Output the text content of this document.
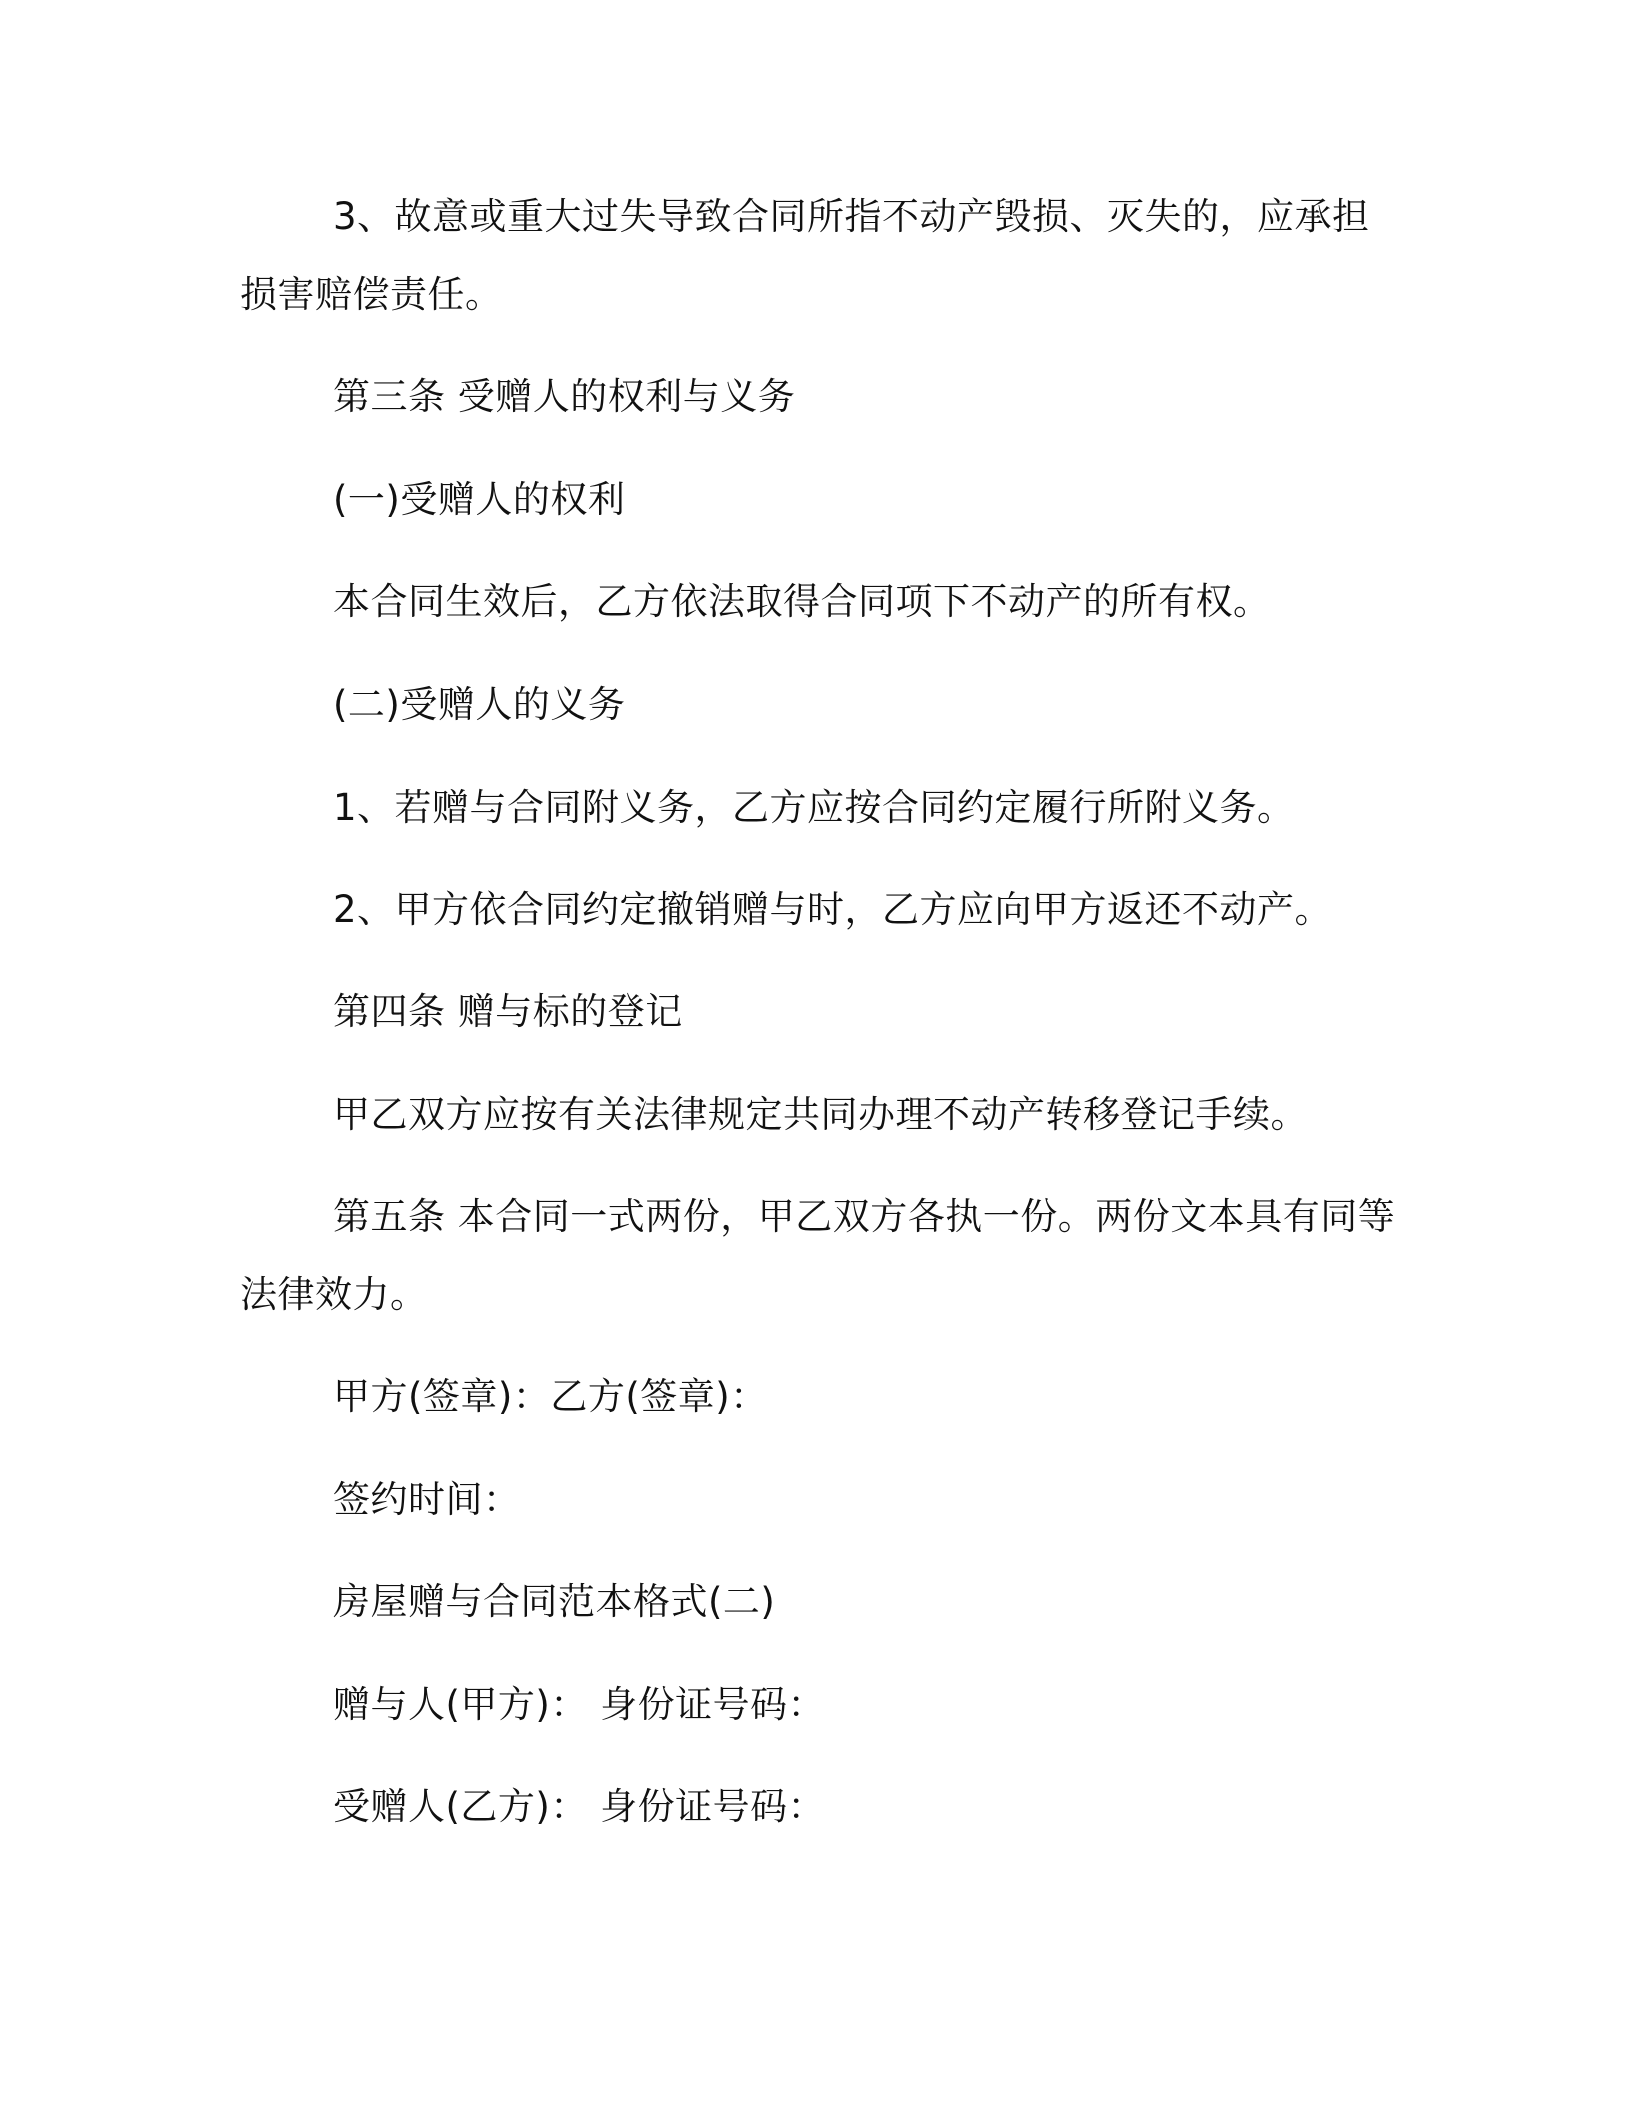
3、故意或重大过失导致合同所指不动产毁损、灭失的，应承担
损害赔偿责任。
第三条 受赠人的权利与义务
(一)受赠人的权利
本合同生效后，乙方依法取得合同项下不动产的所有权。
(二)受赠人的义务
1、若赠与合同附义务，乙方应按合同约定履行所附义务。
2、甲方依合同约定撤销赠与时，乙方应向甲方返还不动产。
第四条 赠与标的登记
甲乙双方应按有关法律规定共同办理不动产转移登记手续。
第五条 本合同一式两份，甲乙双方各执一份。两份文本具有同等
法律效力。
甲方(签章)：乙方(签章)：
签约时间：
房屋赠与合同范本格式(二)
赠与人(甲方)： 身份证号码：
受赠人(乙方)： 身份证号码：
